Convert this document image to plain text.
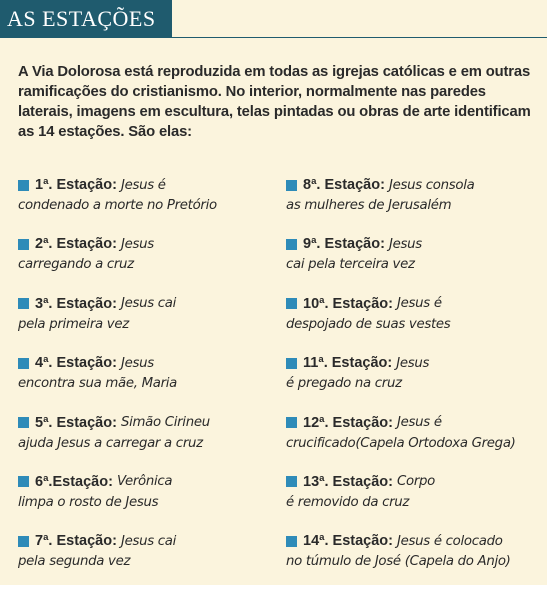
AS ESTAÇÕES
A Via Dolorosa está reproduzida em todas as igrejas católicas e em outras ramificações do cristianismo. No interior, normalmente nas paredes laterais, imagens em escultura, telas pintadas ou obras de arte identificam as 14 estações. São elas:
1ª. Estação:
Jesus é
condenado a morte no Pretório
2ª. Estação:
Jesus
carregando a cruz
3ª. Estação:
Jesus cai
pela primeira vez
4ª. Estação:
Jesus
encontra sua mãe, Maria
5ª. Estação:
Simão Cirineu
ajuda Jesus a carregar a cruz
6ª.Estação:
Verônica
limpa o rosto de Jesus
7ª. Estação:
Jesus cai
pela segunda vez
8ª. Estação:
Jesus consola
as mulheres de Jerusalém
9ª. Estação:
Jesus
cai pela terceira vez
10ª. Estação:
Jesus é
despojado de suas vestes
11ª. Estação:
Jesus
é pregado na cruz
12ª. Estação:
Jesus é
crucificado(Capela Ortodoxa Grega)
13ª. Estação:
Corpo
é removido da cruz
14ª. Estação:
Jesus é colocado
no túmulo de José (Capela do Anjo)
